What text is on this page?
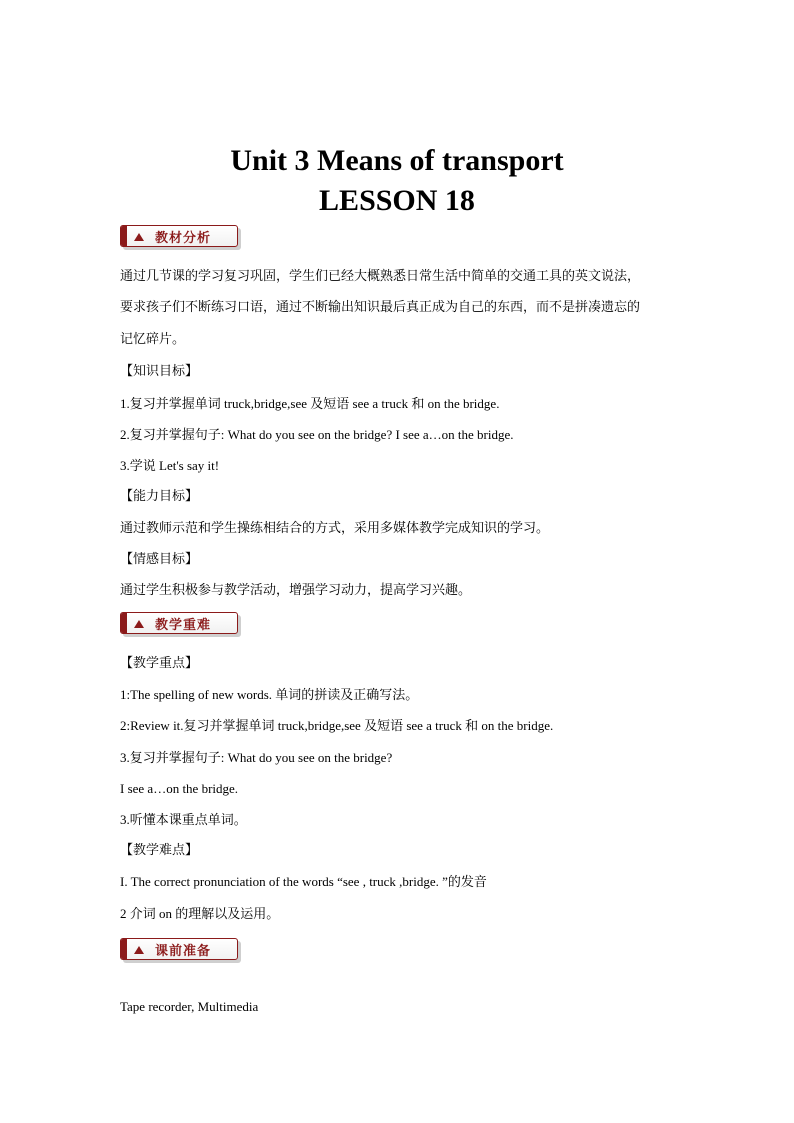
Unit 3 Means of transport
LESSON 18
教材分析

通过几节课的学习复习巩固，学生们已经大概熟悉日常生活中简单的交通工具的英文说法，

要求孩子们不断练习口语，通过不断输出知识最后真正成为自己的东西，而不是拼凑遗忘的

记忆碎片。

【知识目标】

1.复习并掌握单词 truck,bridge,see 及短语 see a truck 和 on the bridge.

2.复习并掌握句子: What do you see on the bridge? I see a…on the bridge.

3.学说 Let's say it!

【能力目标】

通过教师示范和学生操练相结合的方式，采用多媒体教学完成知识的学习。

【情感目标】

通过学生积极参与教学活动，增强学习动力，提高学习兴趣。

教学重难

【教学重点】

1:The spelling of new words. 单词的拼读及正确写法。

2:Review it.复习并掌握单词 truck,bridge,see 及短语 see a truck 和 on the bridge.

3.复习并掌握句子: What do you see on the bridge?

I see a…on the bridge.

3.听懂本课重点单词。

【教学难点】

I. The correct pronunciation of the words “see , truck ,bridge. ”的发音

2 介词 on 的理解以及运用。

课前准备

Tape recorder, Multimedia
